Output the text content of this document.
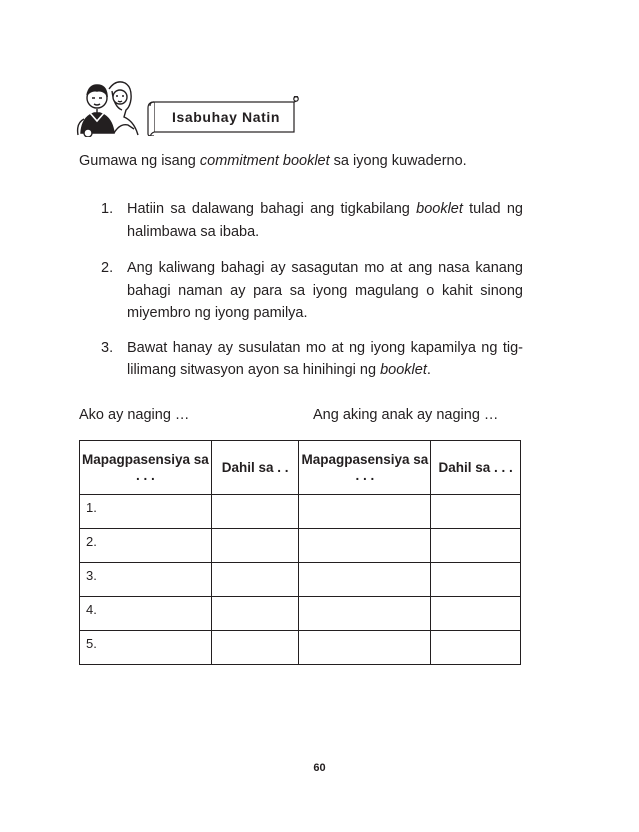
Isabuhay Natin
Gumawa ng isang commitment booklet sa iyong kuwaderno.
1. Hatiin sa dalawang bahagi ang tigkabilang booklet tulad ng halimbawa sa ibaba.
2. Ang kaliwang bahagi ay sasagutan mo at ang nasa kanang bahagi naman ay para sa iyong magulang o kahit sinong miyembro ng iyong pamilya.
3. Bawat hanay ay susulatan mo at ng iyong kapamilya ng tig-lilimang sitwasyon ayon sa hinihingi ng booklet.
Ako ay naging …	Ang aking anak ay naging …
Mapagpasensiya sa . . .	Dahil sa . .	Mapagpasensiya sa . . .	Dahil sa . . .
1.			
2.			
3.			
4.			
5.			
60
